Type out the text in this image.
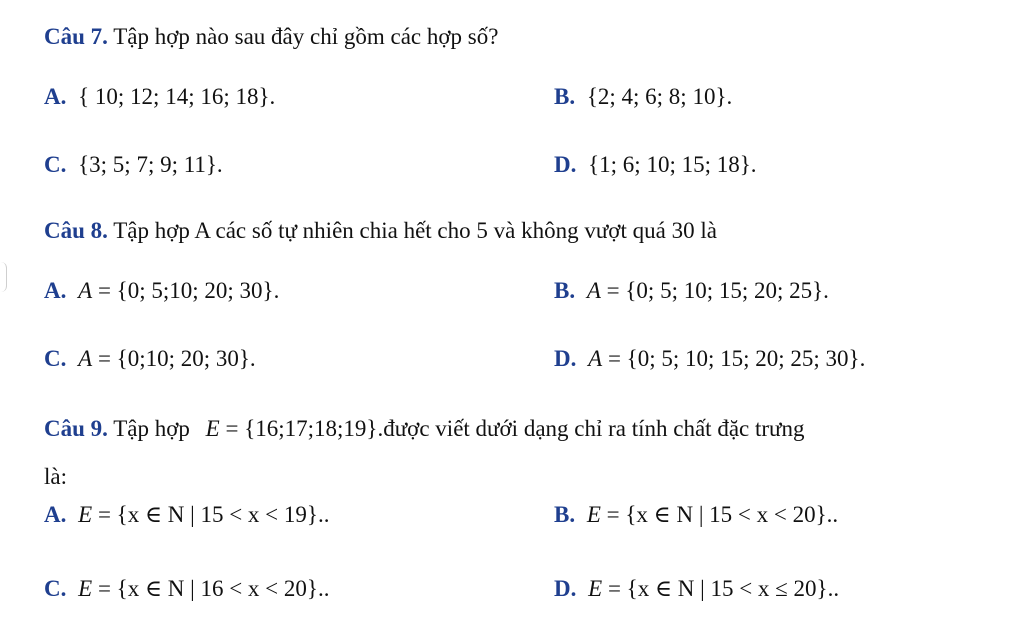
Câu 7. Tập hợp nào sau đây chỉ gồm các hợp số?
A. { 10; 12; 14; 16; 18}.	B. {2; 4; 6; 8; 10}.
C. {3; 5; 7; 9; 11}.	D. {1; 6; 10; 15; 18}.
Câu 8. Tập hợp A các số tự nhiên chia hết cho 5 và không vượt quá 30 là
A. A = {0; 5;10; 20; 30}.	B. A = {0; 5; 10; 15; 20; 25}.
C. A = {0;10; 20; 30}.	D. A = {0; 5; 10; 15; 20; 25; 30}.
Câu 9. Tập hợp E = {16;17;18;19}.được viết dưới dạng chỉ ra tính chất đặc trưng
là:
A. E = {x ∈ N | 15 < x < 19}..	B. E = {x ∈ N | 15 < x < 20}..
C. E = {x ∈ N | 16 < x < 20}..	D. E = {x ∈ N | 15 < x ≤ 20}..
